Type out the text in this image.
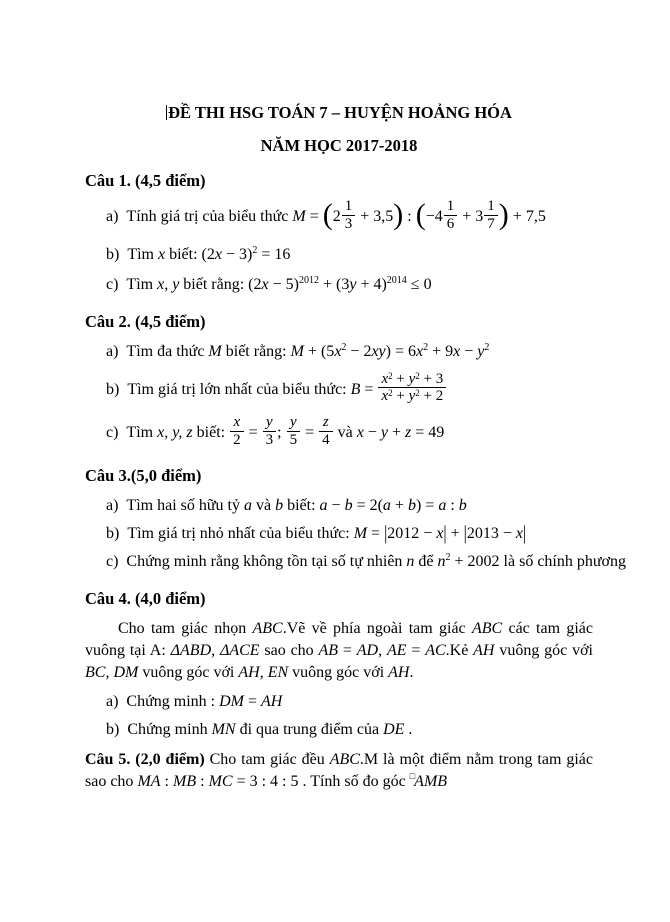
ĐỀ THI HSG TOÁN 7 – HUYỆN HOẢNG HÓA
NĂM HỌC 2017-2018
Câu 1. (4,5 điểm)
a)  Tính giá trị của biểu thức $M = (2 \frac{1}{3} + 3,5)$ : ($-4 \frac{1}{6} + 3 \frac{1}{7}$ ) + 7,5
b)  Tìm x biết: $(2x - 3)^2 = 16$
c)  Tìm x, y biết rằng: $(2x - 5)^{2012} + (3y + 4)^{2014} \le 0$
Câu 2. (4,5 điểm)
a)  Tìm đa thức M biết rằng: $M + (5x^2 - 2xy) = 6x^2 + 9x - y^2$
b)  Tìm giá trị lớn nhất của biểu thức: $B = \frac{x^2 + y^2 + 3}{x^2 + y^2 + 2}$
c)  Tìm x, y, z biết: $\frac{x}{2} = \frac{y}{3}$ ; $\frac{y}{5} = \frac{z}{4}$ và x − y + z = 49
Câu 3.(5,0 điểm)
a)  Tìm hai số hữu tỷ a và b biết: a − b = 2(a + b) = a : b
b)  Tìm giá trị nhỏ nhất của biểu thức: M = |2012 − x| + |2013 − x|
c)  Chứng minh rằng không tồn tại số tự nhiên n để $n^2 + 2002$ là số chính phương
Câu 4. (4,0 điểm)
Cho tam giác nhọn ABC.Vẽ về phía ngoài tam giác ABC các tam giác vuông tại A: ΔABD, ΔACE sao cho AB = AD, AE = AC.Kẻ AH vuông góc với BC, DM vuông góc với AH, EN vuông góc với AH.
a)  Chứng minh : DM = AH
b)  Chứng minh MN đi qua trung điểm của DE .
Câu 5. (2,0 điểm) Cho tam giác đều ABC.M là một điểm nằm trong tam giác sao cho MA : MB : MC = 3 : 4 : 5 . Tính số đo góc □AMB
